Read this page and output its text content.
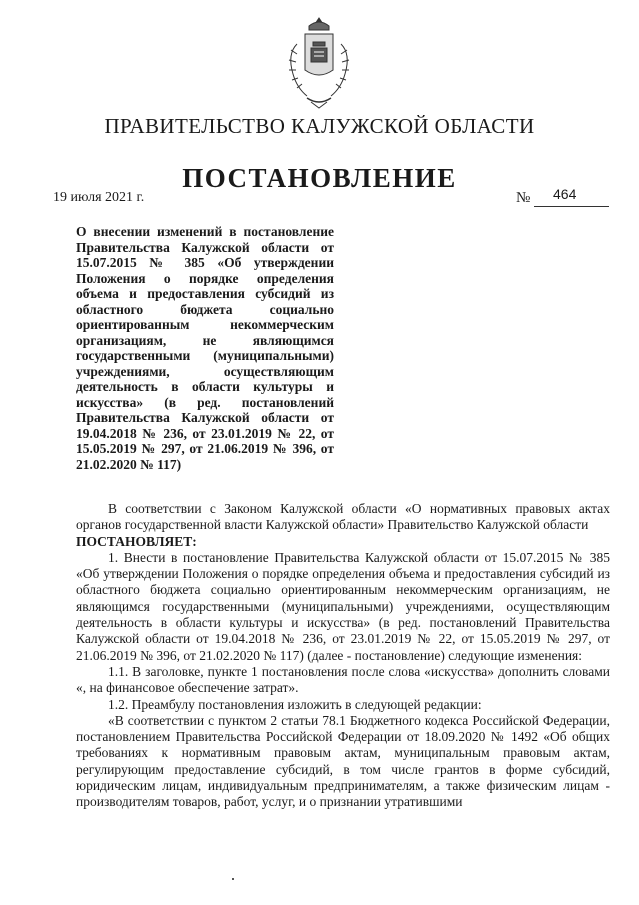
ПРАВИТЕЛЬСТВО КАЛУЖСКОЙ ОБЛАСТИ
ПОСТАНОВЛЕНИЕ
19 июля 2021 г.	№ 464
О внесении изменений в постановление Правительства Калужской области от 15.07.2015 № 385 «Об утверждении Положения о порядке определения объема и предоставления субсидий из областного бюджета социально ориентированным некоммерческим организациям, не являющимся государственными (муниципальными) учреждениями, осуществляющим деятельность в области культуры и искусства» (в ред. постановлений Правительства Калужской области от 19.04.2018 № 236, от 23.01.2019 № 22, от 15.05.2019 № 297, от 21.06.2019 № 396, от 21.02.2020 № 117)

В соответствии с Законом Калужской области «О нормативных правовых актах органов государственной власти Калужской области» Правительство Калужской области

ПОСТАНОВЛЯЕТ:

1. Внести в постановление Правительства Калужской области от 15.07.2015 № 385 «Об утверждении Положения о порядке определения объема и предоставления субсидий из областного бюджета социально ориентированным некоммерческим организациям, не являющимся государственными (муниципальными) учреждениями, осуществляющим деятельность в области культуры и искусства» (в ред. постановлений Правительства Калужской области от 19.04.2018 № 236, от 23.01.2019 № 22, от 15.05.2019 № 297, от 21.06.2019 № 396, от 21.02.2020 № 117) (далее - постановление) следующие изменения:

1.1. В заголовке, пункте 1 постановления после слова «искусства» дополнить словами «, на финансовое обеспечение затрат».

1.2. Преамбулу постановления изложить в следующей редакции:

«В соответствии с пунктом 2 статьи 78.1 Бюджетного кодекса Российской Федерации, постановлением Правительства Российской Федерации от 18.09.2020 № 1492 «Об общих требованиях к нормативным правовым актам, муниципальным правовым актам, регулирующим предоставление субсидий, в том числе грантов в форме субсидий, юридическим лицам, индивидуальным предпринимателям, а также физическим лицам - производителям товаров, работ, услуг, и о признании утратившими
